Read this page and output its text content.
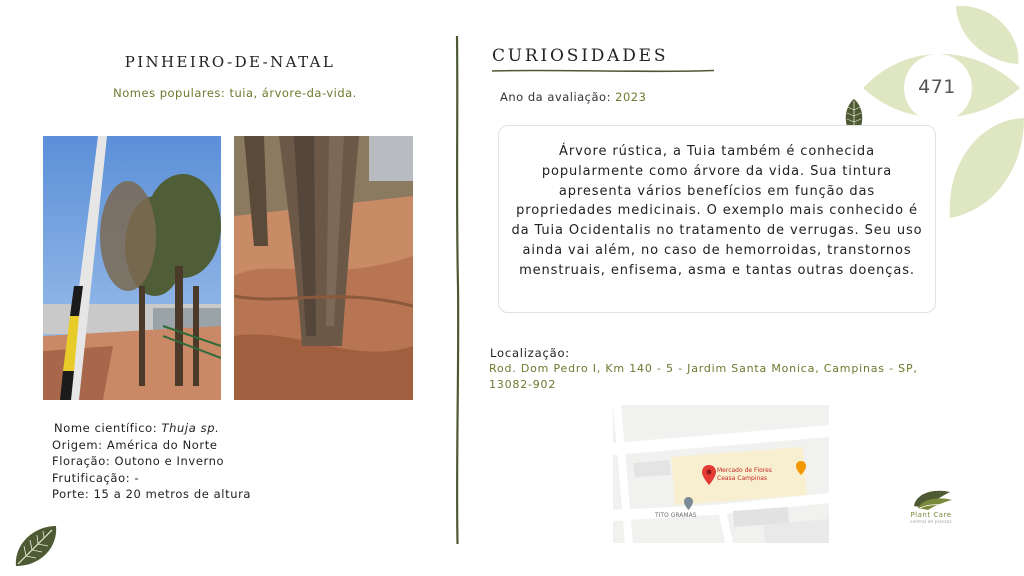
471
PINHEIRO-DE-NATAL
Nomes populares: tuia, árvore-da-vida.
Nome científico: Thuja sp.
Origem: América do Norte
Floração: Outono e Inverno
Frutificação: -
Porte: 15 a 20 metros de altura
CURIOSIDADES
Ano da avaliação: 2023
Árvore rústica, a Tuia também é conhecida popularmente como árvore da vida. Sua tintura apresenta vários benefícios em função das propriedades medicinais. O exemplo mais conhecido é da Tuia Ocidentalis no tratamento de verrugas. Seu uso ainda vai além, no caso de hemorroidas, transtornos menstruais, enfisema, asma e tantas outras doenças.
Localização:
Rod. Dom Pedro I, Km 140 - 5 - Jardim Santa Monica, Campinas - SP, 13082-902
Mercado de Flores
Ceasa Campinas
TITO GRAMAS	Plant Care
central de plantas
